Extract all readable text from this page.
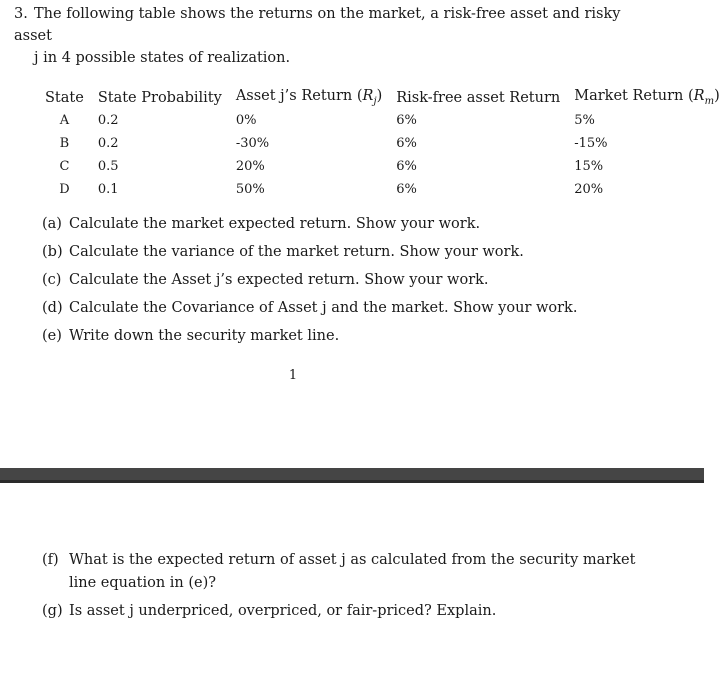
3. The following table shows the returns on the market, a risk-free asset and risky asset
j in 4 possible states of realization.
State	State Probability	Asset j’s Return $(R_j)$	Risk-free asset Return	Market Return $(R_m)$
A	0.2	0%	6%	5%
B	0.2	-30%	6%	-15%
C	0.5	20%	6%	15%
D	0.1	50%	6%	20%
(a) Calculate the market expected return. Show your work.
(b) Calculate the variance of the market return. Show your work.
(c) Calculate the Asset j’s expected return. Show your work.
(d) Calculate the Covariance of Asset j and the market. Show your work.
(e) Write down the security market line.
1
(f) What is the expected return of asset j as calculated from the security market
line equation in (e)?
(g) Is asset j underpriced, overpriced, or fair-priced? Explain.
